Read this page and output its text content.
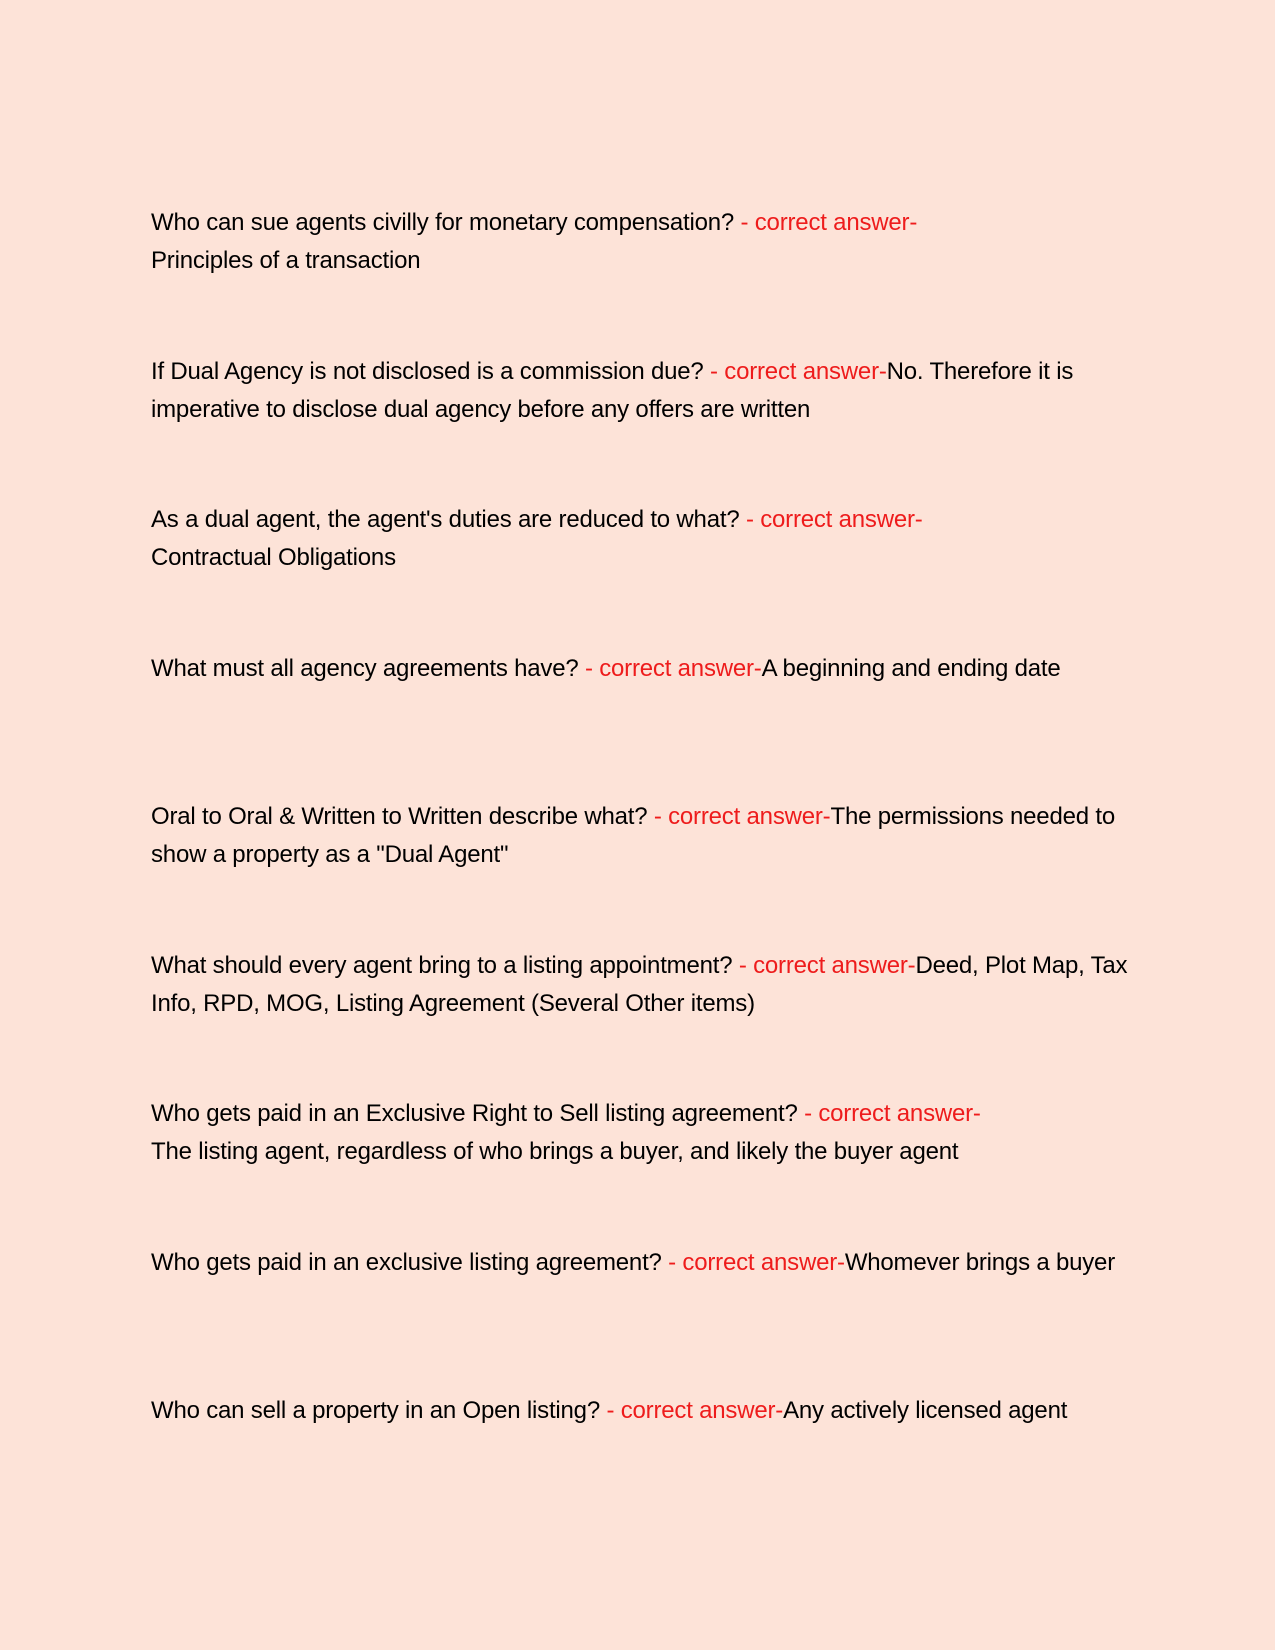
Who can sue agents civilly for monetary compensation? - correct answer-
Principles of a transaction

If Dual Agency is not disclosed is a commission due? - correct answer-No. Therefore it is imperative to disclose dual agency before any offers are written

As a dual agent, the agent's duties are reduced to what? - correct answer-
Contractual Obligations

What must all agency agreements have? - correct answer-A beginning and ending date

Oral to Oral & Written to Written describe what? - correct answer-The permissions needed to show a property as a "Dual Agent"

What should every agent bring to a listing appointment? - correct answer-Deed, Plot Map, Tax Info, RPD, MOG, Listing Agreement (Several Other items)

Who gets paid in an Exclusive Right to Sell listing agreement? - correct answer-
The listing agent, regardless of who brings a buyer, and likely the buyer agent

Who gets paid in an exclusive listing agreement? - correct answer-Whomever brings a buyer

Who can sell a property in an Open listing? - correct answer-Any actively licensed agent
